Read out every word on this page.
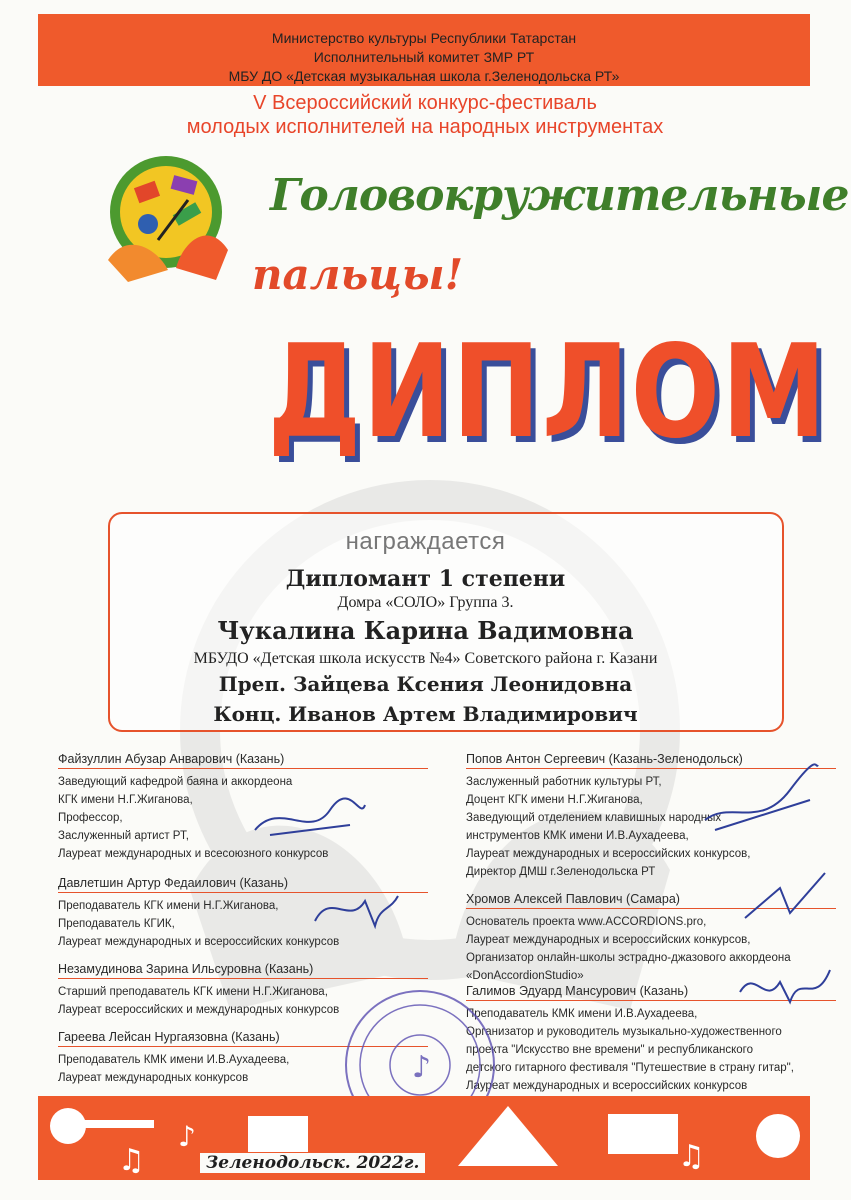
Министерство культуры Республики Татарстан
Исполнительный комитет ЗМР РТ
МБУ ДО «Детская музыкальная школа г.Зеленодольска РТ»
V Всероссийский конкурс-фестиваль
молодых исполнителей на народных инструментах
Головокружительные
пальцы!
ДИПЛОМ
награждается
Дипломант 1 степени
Домра «СОЛО» Группа 3.
Чукалина Карина Вадимовна
МБУДО «Детская школа искусств №4» Советского района г. Казани
Преп. Зайцева Ксения Леонидовна
Конц. Иванов Артем Владимирович
Файзуллин Абузар Анварович (Казань)
Заведующий кафедрой баяна и аккордеона
КГК имени Н.Г.Жиганова,
Профессор,
Заслуженный артист РТ,
Лауреат международных и всесоюзного конкурсов
Давлетшин Артур Федаилович (Казань)
Преподаватель КГК имени Н.Г.Жиганова,
Преподаватель КГИК,
Лауреат международных и всероссийских конкурсов
Незамудинова Зарина Ильсуровна (Казань)
Старший преподаватель КГК имени Н.Г.Жиганова,
Лауреат всероссийских и международных конкурсов
Гареева Лейсан Нургаязовна (Казань)
Преподаватель КМК имени И.В.Аухадеева,
Лауреат международных конкурсов
Попов Антон Сергеевич (Казань-Зеленодольск)
Заслуженный работник культуры РТ,
Доцент КГК имени Н.Г.Жиганова,
Заведующий отделением клавишных народных
инструментов КМК имени И.В.Аухадеева,
Лауреат международных и всероссийских конкурсов,
Директор ДМШ г.Зеленодольска РТ
Хромов Алексей Павлович (Самара)
Основатель проекта www.ACCORDIONS.pro,
Лауреат международных и всероссийских конкурсов,
Организатор онлайн-школы эстрадно-джазового аккордеона
«DonAccordionStudio»
Галимов Эдуард Мансурович (Казань)
Преподаватель КМК имени И.В.Аухадеева,
Организатор и руководитель музыкально-художественного
проекта "Искусство вне времени" и республиканского
детского гитарного фестиваля "Путешествие в страну гитар",
Лауреат международных и всероссийских конкурсов
♪
♫
♪
♫
Зеленодольск. 2022г.
